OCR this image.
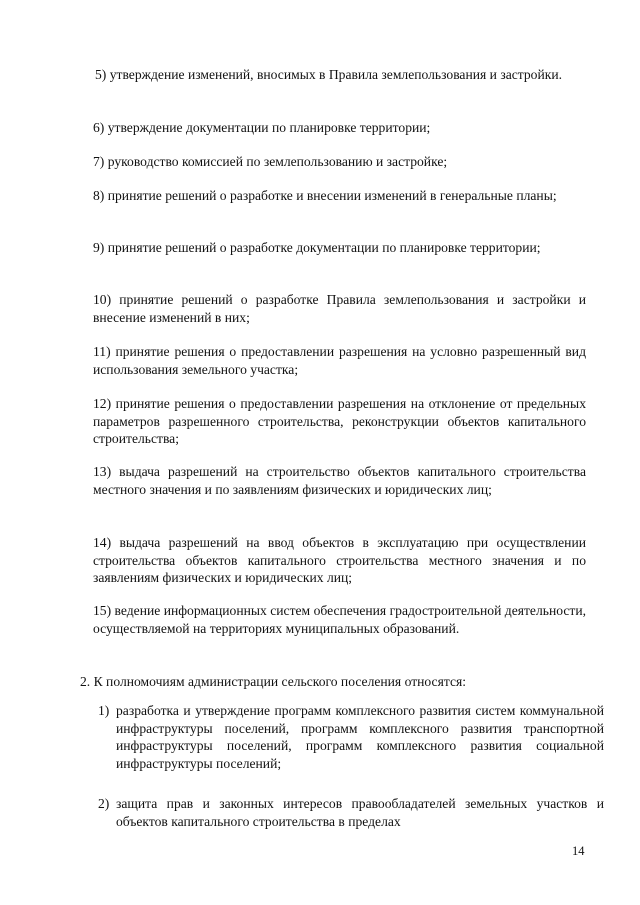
5) утверждение изменений, вносимых в Правила землепользования и застройки.

6) утверждение документации по планировке территории;

7) руководство комиссией по землепользованию и застройке;

8) принятие решений о разработке и внесении изменений в генеральные планы;

9) принятие решений о разработке документации по планировке территории;

10) принятие решений о разработке Правила землепользования и застройки и внесение изменений в них;

11) принятие решения о предоставлении разрешения на условно разрешенный вид использования земельного участка;

12) принятие решения о предоставлении разрешения на отклонение от предельных параметров разрешенного строительства, реконструкции объектов капитального строительства;

13) выдача разрешений на строительство объектов капитального строительства местного значения и по заявлениям физических и юридических лиц;

14) выдача разрешений на ввод объектов в эксплуатацию при осуществлении строительства объектов капитального строительства местного значения и по заявлениям физических и юридических лиц;

15) ведение информационных систем обеспечения градостроительной деятельности, осуществляемой на территориях муниципальных образований.

2. К полномочиям администрации сельского поселения относятся:

1) разработка и утверждение программ комплексного развития систем коммунальной инфраструктуры поселений, программ комплексного развития транспортной инфраструктуры поселений, программ комплексного развития социальной инфраструктуры поселений;
2) защита прав и законных интересов правообладателей земельных участков и объектов капитального строительства в пределах
14
